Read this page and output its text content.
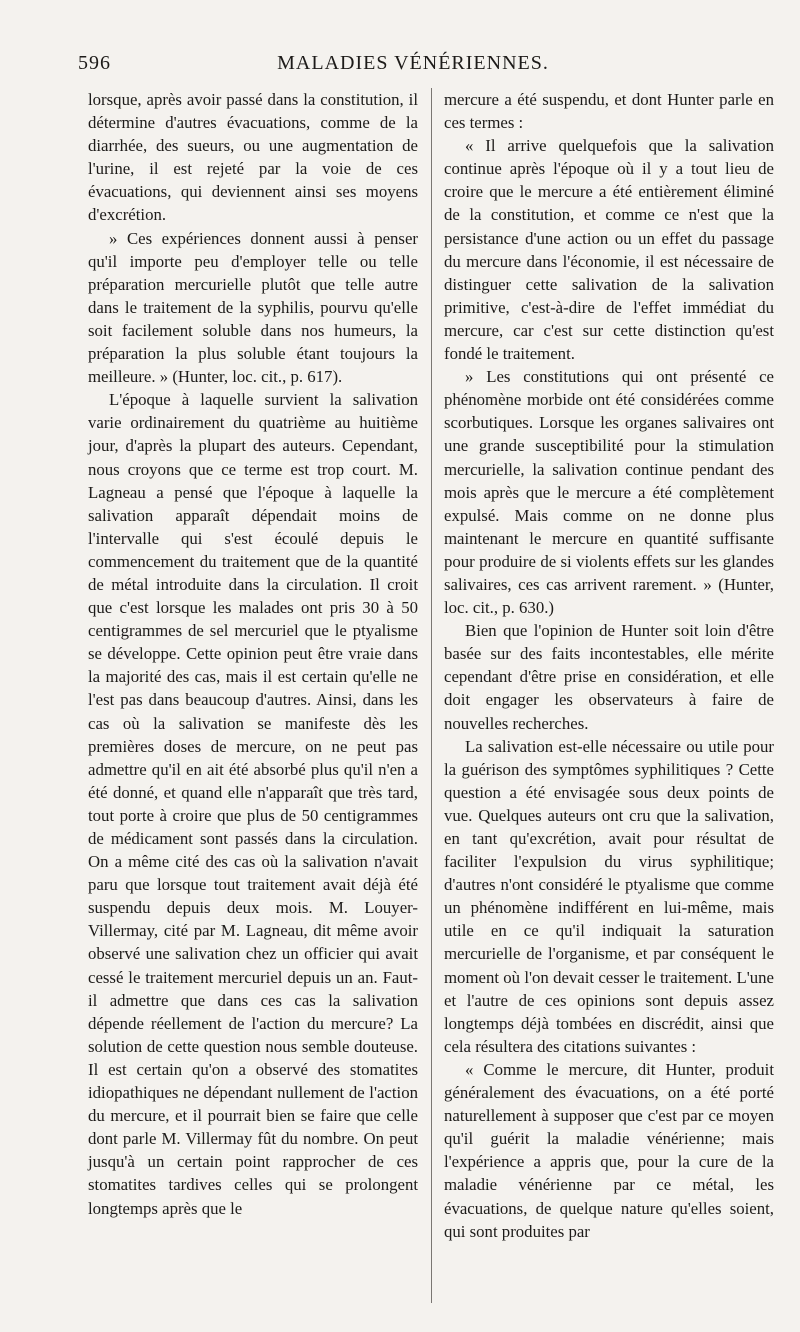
596	MALADIES VÉNÉRIENNES.

lorsque, après avoir passé dans la constitution, il détermine d'autres évacuations, comme de la diarrhée, des sueurs, ou une augmentation de l'urine, il est rejeté par la voie de ces évacuations, qui deviennent ainsi ses moyens d'excrétion.

» Ces expériences donnent aussi à penser qu'il importe peu d'employer telle ou telle préparation mercurielle plutôt que telle autre dans le traitement de la syphilis, pourvu qu'elle soit facilement soluble dans nos humeurs, la préparation la plus soluble étant toujours la meilleure. » (Hunter, loc. cit., p. 617).

L'époque à laquelle survient la salivation varie ordinairement du quatrième au huitième jour, d'après la plupart des auteurs. Cependant, nous croyons que ce terme est trop court. M. Lagneau a pensé que l'époque à laquelle la salivation apparaît dépendait moins de l'intervalle qui s'est écoulé depuis le commencement du traitement que de la quantité de métal introduite dans la circulation. Il croit que c'est lorsque les malades ont pris 30 à 50 centigrammes de sel mercuriel que le ptyalisme se développe. Cette opinion peut être vraie dans la majorité des cas, mais il est certain qu'elle ne l'est pas dans beaucoup d'autres. Ainsi, dans les cas où la salivation se manifeste dès les premières doses de mercure, on ne peut pas admettre qu'il en ait été absorbé plus qu'il n'en a été donné, et quand elle n'apparaît que très tard, tout porte à croire que plus de 50 centigrammes de médicament sont passés dans la circulation. On a même cité des cas où la salivation n'avait paru que lorsque tout traitement avait déjà été suspendu depuis deux mois. M. Louyer-Villermay, cité par M. Lagneau, dit même avoir observé une salivation chez un officier qui avait cessé le traitement mercuriel depuis un an. Faut-il admettre que dans ces cas la salivation dépende réellement de l'action du mercure? La solution de cette question nous semble douteuse. Il est certain qu'on a observé des stomatites idiopathiques ne dépendant nullement de l'action du mercure, et il pourrait bien se faire que celle dont parle M. Villermay fût du nombre. On peut jusqu'à un certain point rapprocher de ces stomatites tardives celles qui se prolongent longtemps après que le

mercure a été suspendu, et dont Hunter parle en ces termes :

« Il arrive quelquefois que la salivation continue après l'époque où il y a tout lieu de croire que le mercure a été entièrement éliminé de la constitution, et comme ce n'est que la persistance d'une action ou un effet du passage du mercure dans l'économie, il est nécessaire de distinguer cette salivation de la salivation primitive, c'est-à-dire de l'effet immédiat du mercure, car c'est sur cette distinction qu'est fondé le traitement.

» Les constitutions qui ont présenté ce phénomène morbide ont été considérées comme scorbutiques. Lorsque les organes salivaires ont une grande susceptibilité pour la stimulation mercurielle, la salivation continue pendant des mois après que le mercure a été complètement expulsé. Mais comme on ne donne plus maintenant le mercure en quantité suffisante pour produire de si violents effets sur les glandes salivaires, ces cas arrivent rarement. » (Hunter, loc. cit., p. 630.)

Bien que l'opinion de Hunter soit loin d'être basée sur des faits incontestables, elle mérite cependant d'être prise en considération, et elle doit engager les observateurs à faire de nouvelles recherches.

La salivation est-elle nécessaire ou utile pour la guérison des symptômes syphilitiques ? Cette question a été envisagée sous deux points de vue. Quelques auteurs ont cru que la salivation, en tant qu'excrétion, avait pour résultat de faciliter l'expulsion du virus syphilitique; d'autres n'ont considéré le ptyalisme que comme un phénomène indifférent en lui-même, mais utile en ce qu'il indiquait la saturation mercurielle de l'organisme, et par conséquent le moment où l'on devait cesser le traitement. L'une et l'autre de ces opinions sont depuis assez longtemps déjà tombées en discrédit, ainsi que cela résultera des citations suivantes :

« Comme le mercure, dit Hunter, produit généralement des évacuations, on a été porté naturellement à supposer que c'est par ce moyen qu'il guérit la maladie vénérienne; mais l'expérience a appris que, pour la cure de la maladie vénérienne par ce métal, les évacuations, de quelque nature qu'elles soient, qui sont produites par
